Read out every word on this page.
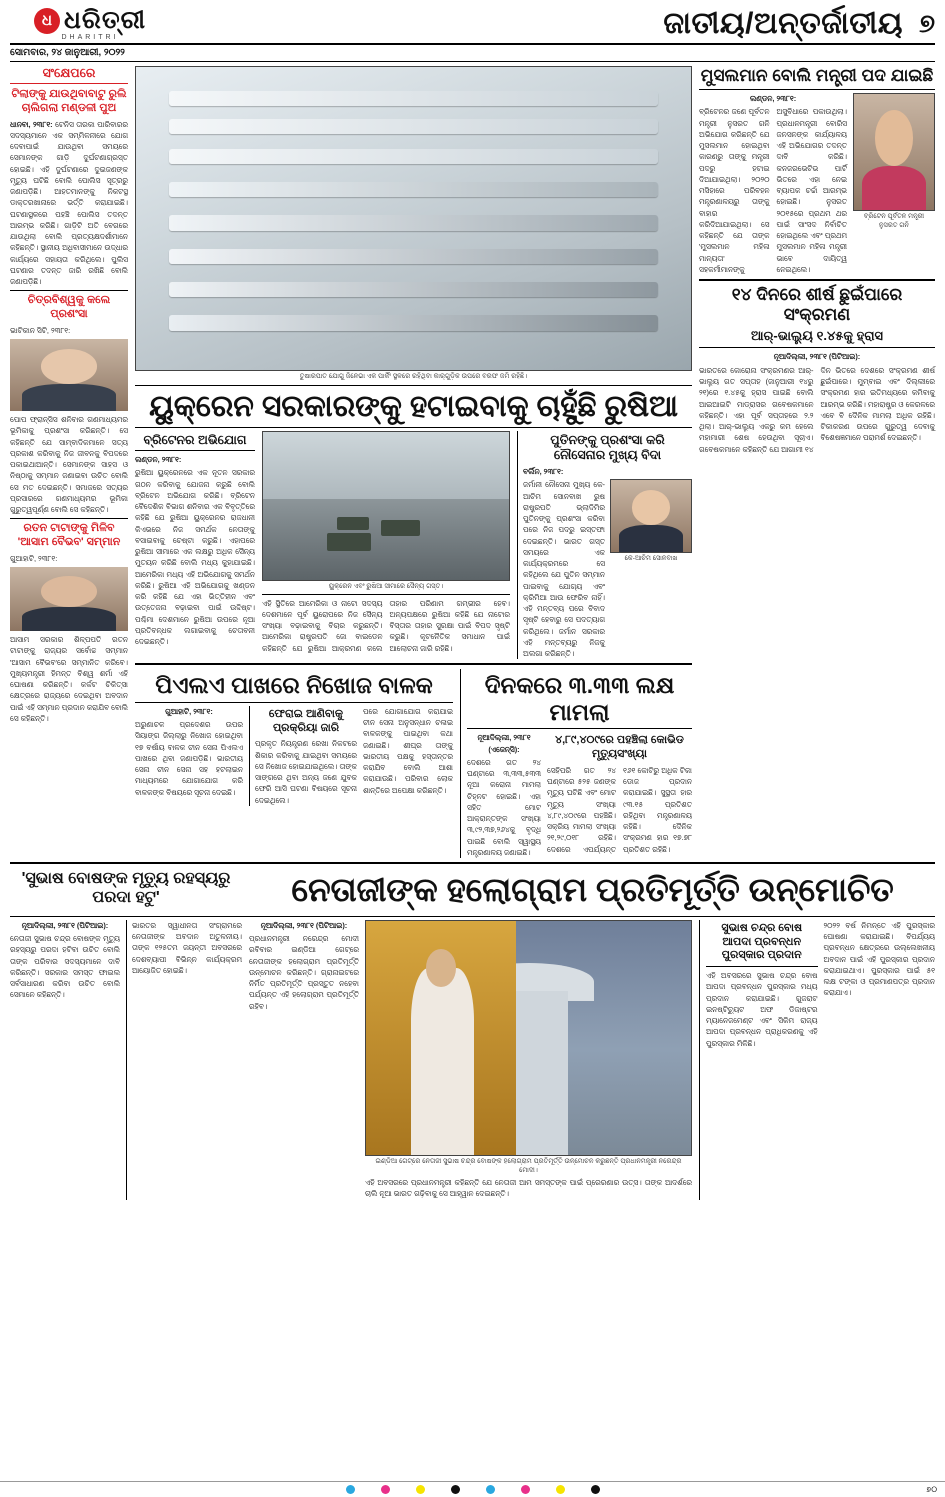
ଧ ଧରିତ୍ରୀ
DHARITRI	ଜାତୀୟ/ଅନ୍ତର୍ଜାତୀୟ ୭
ସୋମବାର, ୨୪ ଜାନୁଆରୀ, ୨୦୨୨
ସଂକ୍ଷେପରେ
ଟିଲାଙ୍କୁ ଯାଉଥିବାବାଟୁ ରୁଲି ଚାଲିଗଲା ମଣ୍ଡଳୀ ପୁଅ
ଧାନବା, ୨୩୮୧: ଟେନିସ ତାରକା ପାରିବାରର ସଦସ୍ୟମାନେ ଏକ ସମ୍ମିଳନୀରେ ଯୋଗ ଦେବାପାଇଁ ଯାଉଥିବା ସମୟରେ ସେମାନଙ୍କ ଗାଡ଼ି ଦୁର୍ଘଟଣାଗ୍ରସ୍ତ ହୋଇଛି। ଏହି ଦୁର୍ଘଟଣାରେ ଦୁଇଜଣଙ୍କ ମୃତ୍ୟୁ ଘଟିଛି ବୋଲି ପୋଲିସ ସୂତ୍ରରୁ ଜଣାପଡ଼ିଛି। ଆହତମାନଙ୍କୁ ନିକଟସ୍ଥ ଡାକ୍ତରଖାନାରେ ଭର୍ତ୍ତି କରାଯାଇଛି। ଘଟଣାସ୍ଥଳରେ ପହଞ୍ଚି ପୋଲିସ ତଦନ୍ତ ଆରମ୍ଭ କରିଛି। ଗାଡ଼ିଟି ଅତି ବେଗରେ ଯାଉଥିଲା ବୋଲି ପ୍ରତ୍ୟକ୍ଷଦର୍ଶୀମାନେ କହିଛନ୍ତି। ସ୍ଥାନୀୟ ଅଧିବାସୀମାନେ ଉଦ୍ଧାର କାର୍ଯ୍ୟରେ ସହାୟତା କରିଥିଲେ। ପୁଲିସ ଘଟଣାର ତଦନ୍ତ ଜାରି ରଖିଛି ବୋଲି ଜଣାପଡ଼ିଛି।
ଚିତ୍ରବିଶ୍ୱକୁ କଲେ ପ୍ରଶଂସା
ଭାଟିକାନ ସିଟି, ୨୩୮୧:
ପୋପ ଫ୍ରାନ୍ସିସ ଶନିବାର ଗଣମାଧ୍ୟମର ଭୂମିକାକୁ ପ୍ରଶଂସା କରିଛନ୍ତି। ସେ କହିଛନ୍ତି ଯେ ସାମ୍ବାଦିକମାନେ ସତ୍ୟ ପ୍ରକାଶ କରିବାକୁ ନିଜ ଜୀବନକୁ ବିପଦରେ ପକାଇଥାଆନ୍ତି। ସେମାନଙ୍କ ସାହସ ଓ ନିଷ୍ଠାକୁ ସମ୍ମାନ ଜଣାଇବା ଉଚିତ ବୋଲି ସେ ମତ ଦେଇଛନ୍ତି। ସମାଜରେ ସତ୍ୟର ପ୍ରସାରରେ ଗଣମାଧ୍ୟମର ଭୂମିକା ଗୁରୁତ୍ୱପୂର୍ଣ୍ଣ ବୋଲି ସେ କହିଛନ୍ତି।
ରତନ ଟାଟାଙ୍କୁ ମିଳିବ 'ଆସାମ ବୈଭବ' ସମ୍ମାନ
ଗୁଆହାଟି, ୨୩୮୧:
ଆସାମ ସରକାର ଶିଳ୍ପପତି ରତନ ଟାଟାଙ୍କୁ ରାଜ୍ୟର ସର୍ବୋଚ୍ଚ ସମ୍ମାନ 'ଆସାମ ବୈଭବ'ରେ ସମ୍ମାନିତ କରିବେ। ମୁଖ୍ୟମନ୍ତ୍ରୀ ହିମନ୍ତ ବିଶ୍ୱ ଶର୍ମା ଏହି ଘୋଷଣା କରିଛନ୍ତି। କର୍କଟ ଚିକିତ୍ସା କ୍ଷେତ୍ରରେ ରାଜ୍ୟରେ ଦେଇଥିବା ଅବଦାନ ପାଇଁ ଏହି ସମ୍ମାନ ପ୍ରଦାନ କରାଯିବ ବୋଲି ସେ କହିଛନ୍ତି।
ତୁଷାରପାତ ଯୋଗୁ ଜିନେଭା ଏକ ପାର୍କିଂ ସ୍ଥଳରେ ରହିଥିବା କାର୍‌ଗୁଡ଼ିକ ଉପରେ ବରଫ ଜମି ରହିଛି।
ୟୁକ୍ରେନ ସରକାରଙ୍କୁ ହଟାଇବାକୁ ଚାହୁଁଛି ରୁଷିଆ
ବ୍ରିଟେନର ଅଭିଯୋଗ
ଲଣ୍ଡନ, ୨୩୮୧:
ରୁଷିଆ ୟୁକ୍ରେନରେ ଏକ ନୂତନ ସରକାର ଗଠନ କରିବାକୁ ଯୋଜନା କରୁଛି ବୋଲି ବ୍ରିଟେନ ଅଭିଯୋଗ କରିଛି। ବ୍ରିଟେନ ବୈଦେଶିକ ବିଭାଗ ଶନିବାର ଏକ ବିବୃତ୍ତିରେ କହିଛି ଯେ ରୁଷିଆ ୟୁକ୍ରେନର ରାଜଧାନୀ କିଏଭରେ ନିଜ ସମର୍ଥକ ନେତାଙ୍କୁ ବସାଇବାକୁ ଚେଷ୍ଟା କରୁଛି। ଏହାପରେ ରୁଷିଆ ସୀମାରେ ଏକ ଲକ୍ଷରୁ ଅଧିକ ସୈନ୍ୟ ମୁତୟନ କରିଛି ବୋଲି ମଧ୍ୟ କୁହାଯାଇଛି। ଆମେରିକା ମଧ୍ୟ ଏହି ଅଭିଯୋଗକୁ ସମର୍ଥନ କରିଛି। ରୁଷିଆ ଏହି ଅଭିଯୋଗକୁ ଖଣ୍ଡନ କରି କହିଛି ଯେ ଏହା ଭିତ୍ତିହୀନ ଏବଂ ଉତ୍ତେଜନା ବଢ଼ାଇବା ପାଇଁ ଉଦ୍ଦିଷ୍ଟ। ପଶ୍ଚିମା ଦେଶମାନେ ରୁଷିଆ ଉପରେ ନୂଆ ପ୍ରତିବନ୍ଧକ ଲଗାଇବାକୁ ଚେତାବନୀ ଦେଇଛନ୍ତି।
ୟୁକ୍ରେନ ଏବଂ ରୁଷିଆ ସୀମାରେ ସୈନ୍ୟ ଗସ୍ତ।
ଏହି ସ୍ଥିତିରେ ଆମେରିକା ଓ ନାଟୋ ସଦସ୍ୟ ଦେଶମାନେ ପୂର୍ବ ୟୁରୋପରେ ନିଜ ସୈନ୍ୟ ସଂଖ୍ୟା ବଢ଼ାଇବାକୁ ବିଚାର କରୁଛନ୍ତି। ଆମେରିକା ରାଷ୍ଟ୍ରପତି ଜୋ ବାଇଡେନ କହିଛନ୍ତି ଯେ ରୁଷିଆ ଆକ୍ରମଣ କଲେ ତାହାର ପରିଣାମ ଗମ୍ଭୀର ହେବ। ଅନ୍ୟପକ୍ଷରେ ରୁଷିଆ କହିଛି ଯେ ନାଟୋର ବିସ୍ତାର ତାହାର ସୁରକ୍ଷା ପାଇଁ ବିପଦ ସୃଷ୍ଟି କରୁଛି। କୂଟନୈତିକ ସମାଧାନ ପାଇଁ ଆଲୋଚନା ଜାରି ରହିଛି।
ପୁତିନଙ୍କୁ ପ୍ରଶଂସା କରି ନୌସେନାର ମୁଖ୍ୟ ବିଦା
ବର୍ଲିନ, ୨୩୮୧:
ଜର୍ମାନୀ ନୌସେନା ମୁଖ୍ୟ କେ-ଆଚିମ ସୋନବାଖ ରୁଷ ରାଷ୍ଟ୍ରପତି ଭ୍ଲାଦିମିର ପୁତିନଙ୍କୁ ପ୍ରଶଂସା କରିବା ପରେ ନିଜ ପଦରୁ ଇସ୍ତଫା ଦେଇଛନ୍ତି। ଭାରତ ଗସ୍ତ ସମୟରେ ଏକ କାର୍ଯ୍ୟକ୍ରମରେ ସେ କହିଥିଲେ ଯେ ପୁତିନ ସମ୍ମାନ ପାଇବାକୁ ଯୋଗ୍ୟ ଏବଂ କ୍ରିମିଆ ଆଉ ଫେରିବ ନାହିଁ। ଏହି ମନ୍ତବ୍ୟ ପରେ ବିବାଦ ସୃଷ୍ଟି ହେବାରୁ ସେ ପଦତ୍ୟାଗ କରିଥିଲେ। ଜର୍ମାନ ସରକାର ଏହି ମନ୍ତବ୍ୟରୁ ନିଜକୁ ଅଲଗା କରିଛନ୍ତି।
କେ-ଆଚିମ ସୋନବାଖ
ପିଏଲଏ ପାଖରେ ନିଖୋଜ ବାଳକ
ଗୁଆହାଟି, ୨୩୮୧:
ଅରୁଣାଚଳ ପ୍ରଦେଶର ଉପର ସିୟାଙ୍ଗ ଜିଲ୍ଲାରୁ ନିଖୋଜ ହୋଇଥିବା ୧୭ ବର୍ଷୀୟ ବାଳକ ଚୀନ ସେନା ପିଏଲଏ ପାଖରେ ଥିବା ଜଣାପଡ଼ିଛି। ଭାରତୀୟ ସେନା ଚୀନ ସେନା ସହ ହଟଲାଇନ ମାଧ୍ୟମରେ ଯୋଗାଯୋଗ କରି ବାଳକଙ୍କ ବିଷୟରେ ସୂଚନା ଦେଇଛି।
ଫେରାଇ ଆଣିବାକୁ ପ୍ରକ୍ରିୟା ଜାରି
ପ୍ରକୃତ ନିୟନ୍ତ୍ରଣ ରେଖା ନିକଟରେ ଶିକାର କରିବାକୁ ଯାଇଥିବା ସମୟରେ ସେ ନିଖୋଜ ହୋଇଯାଇଥିଲେ। ତାଙ୍କ ସାଙ୍ଗରେ ଥିବା ଅନ୍ୟ ଜଣେ ଯୁବକ ଫେରି ଆସି ଘଟଣା ବିଷୟରେ ସୂଚନା ଦେଇଥିଲେ।
ପରେ ଯୋଗାଯୋଗ କରାଯାଇ ଚୀନ ସେନା ଅନୁସନ୍ଧାନ ଚଳାଇ ବାଳକଙ୍କୁ ପାଇଥିବା କଥା ଜଣାଇଛି। ଶୀଘ୍ର ତାଙ୍କୁ ଭାରତୀୟ ପକ୍ଷକୁ ହସ୍ତାନ୍ତର କରାଯିବ ବୋଲି ଆଶା କରାଯାଉଛି। ପରିବାର ଲୋକ ଶାନ୍ତିରେ ଅପେକ୍ଷା କରିଛନ୍ତି।
ଦିନକରେ ୩.୩୩ ଲକ୍ଷ ମାମଲା
ନୂଆଦିଲ୍ଲୀ, ୨୩୮୧ (ଏଜେନ୍ସି):
ଦେଶରେ ଗତ ୨୪ ଘଣ୍ଟାରେ ୩,୩୩,୫୩୩ ନୂଆ କରୋନା ମାମଲା ଚିହ୍ନଟ ହୋଇଛି। ଏହା ସହିତ ମୋଟ ଆକ୍ରାନ୍ତଙ୍କ ସଂଖ୍ୟା ୩,୯୨,୩୭,୨୬୪କୁ ବୃଦ୍ଧି ପାଇଛି ବୋଲି ସ୍ୱାସ୍ଥ୍ୟ ମନ୍ତ୍ରଣାଳୟ ଜଣାଇଛି।
୪,୮୯,୪୦୯ରେ ପହଞ୍ଚିଲା କୋଭିଡ ମୃତ୍ୟୁସଂଖ୍ୟା
ସେହିପରି ଗତ ୨୪ ଘଣ୍ଟାରେ ୫୨୫ ଜଣଙ୍କ ମୃତ୍ୟୁ ଘଟିଛି ଏବଂ ମୋଟ ମୃତ୍ୟୁ ସଂଖ୍ୟା ୪,୮୯,୪୦୯ରେ ପହଞ୍ଚିଛି। ସକ୍ରିୟ ମାମଲା ସଂଖ୍ୟା ୨୧,୨୯,୦୧୮ ରହିଛି। ଦେଶରେ ଏପର୍ଯ୍ୟନ୍ତ ୧୬୧ କୋଟିରୁ ଅଧିକ ଟିକା ଡୋଜ ପ୍ରଦାନ କରାଯାଇଛି। ସୁସ୍ଥତା ହାର ୯୩.୧୫ ପ୍ରତିଶତ ରହିଥିବା ମନ୍ତ୍ରଣାଳୟ କହିଛି। ଦୈନିକ ସଂକ୍ରମଣ ହାର ୧୭.୭୮ ପ୍ରତିଶତ ରହିଛି।
ମୁସଲମାନ ବୋଲି ମନ୍ତ୍ରୀ ପଦ ଯାଇଛି
ଲଣ୍ଡନ, ୨୩୮୧:
ବ୍ରିଟେନର ଜଣେ ପୂର୍ବତନ ମନ୍ତ୍ରୀ ନୁସରତ ଗନି ଅଭିଯୋଗ କରିଛନ୍ତି ଯେ ମୁସଲମାନ ହୋଇଥିବା କାରଣରୁ ତାଙ୍କୁ ମନ୍ତ୍ରୀ ପଦରୁ ହଟାଇ ଦିଆଯାଇଥିଲା। ୨୦୨୦ ମସିହାରେ ପରିବହନ ମନ୍ତ୍ରଣାଳୟରୁ ତାଙ୍କୁ ବାହାର କରିଦିଆଯାଇଥିଲା। ସେ କହିଛନ୍ତି ଯେ ତାଙ୍କ 'ମୁସଲମାନ ମହିଳା ମାନ୍ୟତା' ସହକର୍ମୀମାନଙ୍କୁ ଅସୁବିଧାରେ ପକାଉଥିଲା। ପ୍ରଧାନମନ୍ତ୍ରୀ ବୋରିସ ଜନସନଙ୍କ କାର୍ଯ୍ୟାଳୟ ଏହି ଅଭିଯୋଗର ତଦନ୍ତ ଦାବି କରିଛି। କନଜରଭେଟିଭ ପାର୍ଟି ଭିତରେ ଏହା ନେଇ ବ୍ୟାପକ ଚର୍ଚ୍ଚା ଆରମ୍ଭ ହୋଇଛି। ନୁସରତ ୨୦୧୫ରେ ପ୍ରଥମ ଥର ପାଇଁ ସାଂସଦ ନିର୍ବାଚିତ ହୋଇଥିଲେ ଏବଂ ପ୍ରଥମ ମୁସଲମାନ ମହିଳା ମନ୍ତ୍ରୀ ଭାବେ ଦାୟିତ୍ୱ ନେଇଥିଲେ।
ବ୍ରିଟେନ ପୂର୍ବତନ ମନ୍ତ୍ରୀ ନୁସରତ ଗନି
୧୪ ଦିନରେ ଶୀର୍ଷ ଛୁଇଁପାରେ ସଂକ୍ରମଣ
ଆର୍-ଭାଲ୍ୟୁ ୧.୪୫କୁ ହ୍ରାସ
ନୂଆଦିଲ୍ଲୀ, ୨୩୮୧ (ପିଟିଆଇ):
ଭାରତରେ କୋରୋନା ସଂକ୍ରମଣର ଆର୍-ଭାଲ୍ୟୁ ଗତ ସପ୍ତାହ (ଜାନୁଆରୀ ୧୪ରୁ ୨୧)ରେ ୧.୪୫କୁ ହ୍ରାସ ପାଇଛି ବୋଲି ଆଇଆଇଟି ମାଡ୍ରାସର ଗବେଷକମାନେ କହିଛନ୍ତି। ଏହା ପୂର୍ବ ସପ୍ତାହରେ ୨.୨ ଥିଲା। ଆର୍-ଭାଲ୍ୟୁ ଏକରୁ କମ ହେଲେ ମହାମାରୀ ଶେଷ ହେଉଥିବା ସୂଚାଏ। ଗବେଷକମାନେ କହିଛନ୍ତି ଯେ ଆଗାମୀ ୧୪ ଦିନ ଭିତରେ ଦେଶରେ ସଂକ୍ରମଣ ଶୀର୍ଷ ଛୁଇଁପାରେ। ମୁମ୍ବାଇ ଏବଂ ଦିଲ୍ଲୀରେ ସଂକ୍ରମଣ ହାର ଇତିମଧ୍ୟରେ କମିବାକୁ ଆରମ୍ଭ କରିଛି। ମହାରାଷ୍ଟ୍ର ଓ କେରଳରେ ଏବେ ବି ଦୈନିକ ମାମଲା ଅଧିକ ରହିଛି। ଟିକାକରଣ ଉପରେ ଗୁରୁତ୍ୱ ଦେବାକୁ ବିଶେଷଜ୍ଞମାନେ ପରାମର୍ଶ ଦେଇଛନ୍ତି।
'ସୁଭାଷ ବୋଷଙ୍କ ମୃତ୍ୟୁ ରହସ୍ୟରୁ ପରଦା ହଟୁ'	ନେତାଜୀଙ୍କ ହଲୋଗ୍ରାମ ପ୍ରତିମୂର୍ତ୍ତି ଉନ୍ମୋଚିତ
ନୂଆଦିଲ୍ଲୀ, ୨୩୮୧ (ପିଟିଆଇ):
ନେତାଜୀ ସୁଭାଷ ଚନ୍ଦ୍ର ବୋଷଙ୍କ ମୃତ୍ୟୁ ରହସ୍ୟରୁ ପରଦା ହଟିବା ଉଚିତ ବୋଲି ତାଙ୍କ ପରିବାର ସଦସ୍ୟମାନେ ଦାବି କରିଛନ୍ତି। ସରକାର ସମସ୍ତ ଫାଇଲ ସର୍ବସାଧାରଣ କରିବା ଉଚିତ ବୋଲି ସେମାନେ କହିଛନ୍ତି।
ଭାରତର ସ୍ୱାଧୀନତା ସଂଗ୍ରାମରେ ନେତାଜୀଙ୍କ ଅବଦାନ ଅତୁଳନୀୟ। ତାଙ୍କ ୧୨୫ତମ ଜୟନ୍ତୀ ଅବସରରେ ଦେଶବ୍ୟାପୀ ବିଭିନ୍ନ କାର୍ଯ୍ୟକ୍ରମ ଆୟୋଜିତ ହୋଇଛି।
ନୂଆଦିଲ୍ଲୀ, ୨୩୮୧ (ପିଟିଆଇ):
ପ୍ରଧାନମନ୍ତ୍ରୀ ନରେନ୍ଦ୍ର ମୋଦୀ ରବିବାର ଇଣ୍ଡିଆ ଗେଟ୍‌ରେ ନେତାଜୀଙ୍କ ହଲୋଗ୍ରାମ ପ୍ରତିମୂର୍ତ୍ତି ଉନ୍ମୋଚନ କରିଛନ୍ତି। ଗ୍ରାନାଇଟରେ ନିର୍ମିତ ପ୍ରତିମୂର୍ତ୍ତି ପ୍ରସ୍ତୁତ ନହେବା ପର୍ଯ୍ୟନ୍ତ ଏହି ହଲୋଗ୍ରାମ ପ୍ରତିମୂର୍ତ୍ତି ରହିବ।
ଇଣ୍ଡିଆ ଗେଟ୍‌ରେ ନେତାଜୀ ସୁଭାଷ ଚନ୍ଦ୍ର ବୋଷଙ୍କ ହଲୋଗ୍ରାମ ପ୍ରତିମୂର୍ତ୍ତି ଉନ୍ମୋଚନ କରୁଛନ୍ତି ପ୍ରଧାନମନ୍ତ୍ରୀ ନରେନ୍ଦ୍ର ମୋଦୀ।
ଏହି ଅବସରରେ ପ୍ରଧାନମନ୍ତ୍ରୀ କହିଛନ୍ତି ଯେ ନେତାଜୀ ଆମ ସମସ୍ତଙ୍କ ପାଇଁ ପ୍ରେରଣାର ଉତ୍ସ। ତାଙ୍କ ଆଦର୍ଶରେ ଚାଲି ନୂଆ ଭାରତ ଗଢ଼ିବାକୁ ସେ ଆହ୍ୱାନ ଦେଇଛନ୍ତି।
ସୁଭାଷ ଚନ୍ଦ୍ର ବୋଷ ଆପଦା ପ୍ରବନ୍ଧନ ପୁରସ୍କାର ପ୍ରଦାନ
ଏହି ଅବସରରେ ସୁଭାଷ ଚନ୍ଦ୍ର ବୋଷ ଆପଦା ପ୍ରବନ୍ଧନ ପୁରସ୍କାର ମଧ୍ୟ ପ୍ରଦାନ କରାଯାଇଛି। ଗୁଜରାଟ ଇନଷ୍ଟିଚ୍ୟୁଟ ଅଫ ଡିଜାଷ୍ଟର ମ୍ୟାନେଜମେଣ୍ଟ ଏବଂ ସିକିମ ରାଜ୍ୟ ଆପଦା ପ୍ରବନ୍ଧନ ପ୍ରାଧିକରଣକୁ ଏହି ପୁରସ୍କାର ମିଳିଛି।
୨୦୨୨ ବର୍ଷ ନିମନ୍ତେ ଏହି ପୁରସ୍କାର ଘୋଷଣା କରାଯାଇଛି। ବିପର୍ଯ୍ୟୟ ପ୍ରବନ୍ଧନ କ୍ଷେତ୍ରରେ ଉଲ୍ଲେଖନୀୟ ଅବଦାନ ପାଇଁ ଏହି ପୁରସ୍କାର ପ୍ରଦାନ କରାଯାଇଥାଏ। ପୁରସ୍କାର ପାଇଁ ୫୧ ଲକ୍ଷ ଟଙ୍କା ଓ ପ୍ରମାଣପତ୍ର ପ୍ରଦାନ କରାଯାଏ।
୭୦
